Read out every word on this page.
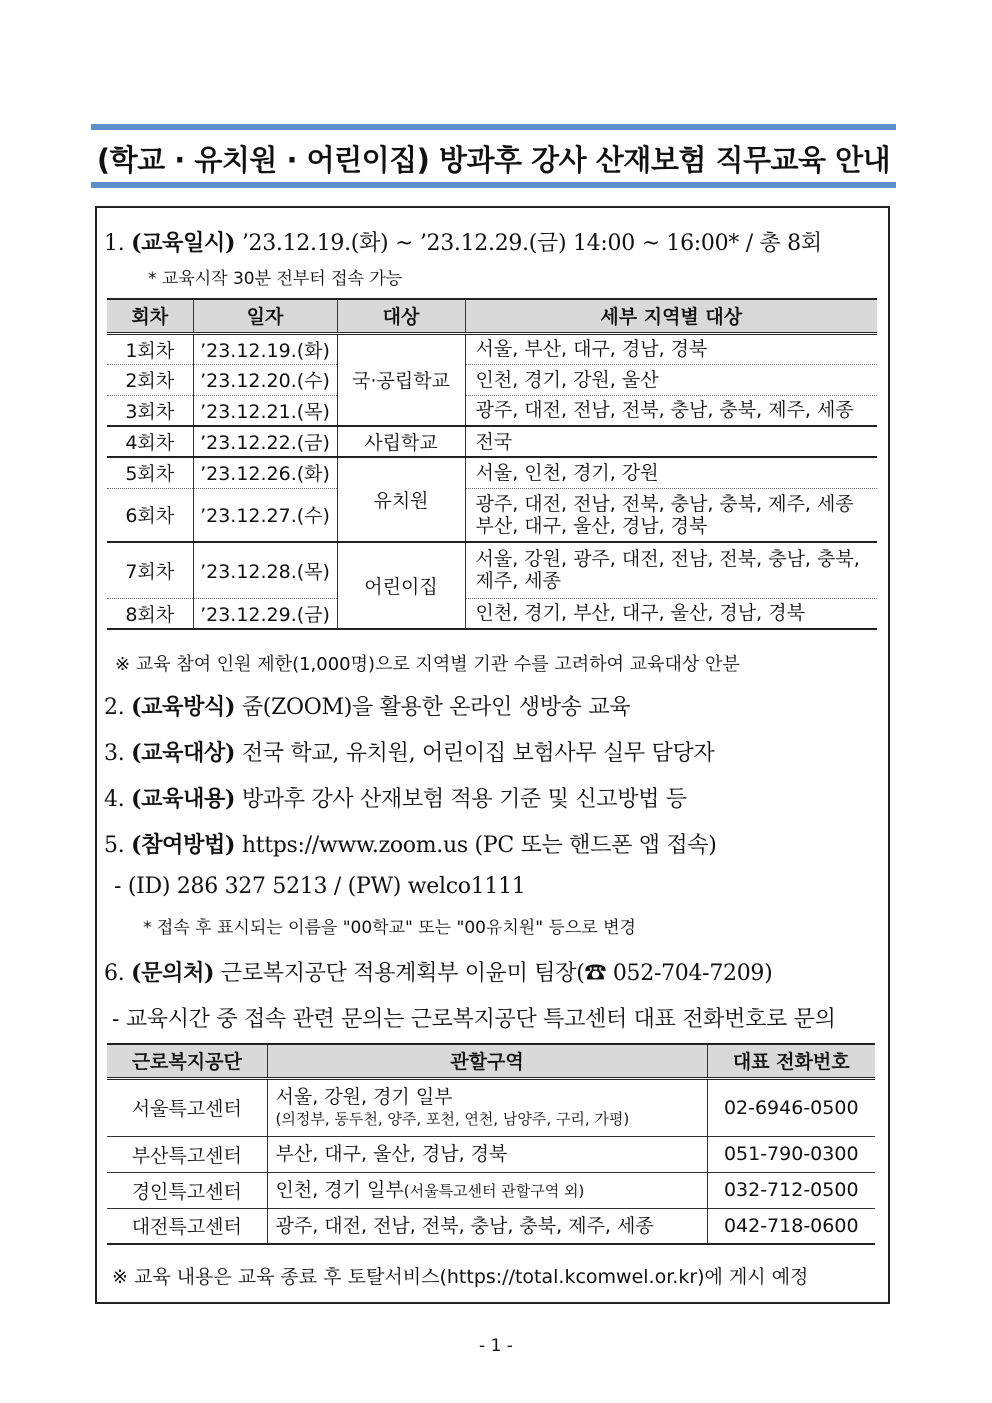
(학교 · 유치원 · 어린이집) 방과후 강사 산재보험 직무교육 안내
1. (교육일시) ’23.12.19.(화) ~ ’23.12.29.(금) 14:00 ~ 16:00* / 총 8회
* 교육시작 30분 전부터 접속 가능
회차	일자	대상	세부 지역별 대상
1회차	’23.12.19.(화)	국·공립학교	서울, 부산, 대구, 경남, 경북
2회차	’23.12.20.(수)		인천, 경기, 강원, 울산
3회차	’23.12.21.(목)		광주, 대전, 전남, 전북, 충남, 충북, 제주, 세종
4회차	’23.12.22.(금)	사립학교	전국
5회차	’23.12.26.(화)	유치원	서울, 인천, 경기, 강원
6회차	’23.12.27.(수)		광주, 대전, 전남, 전북, 충남, 충북, 제주, 세종
부산, 대구, 울산, 경남, 경북

7회차	’23.12.28.(목)	어린이집	서울, 강원, 광주, 대전, 전남, 전북, 충남, 충북,
제주, 세종

8회차	’23.12.29.(금)		인천, 경기, 부산, 대구, 울산, 경남, 경북
※ 교육 참여 인원 제한(1,000명)으로 지역별 기관 수를 고려하여 교육대상 안분
2. (교육방식) 줌(ZOOM)을 활용한 온라인 생방송 교육
3. (교육대상) 전국 학교, 유치원, 어린이집 보험사무 실무 담당자
4. (교육내용) 방과후 강사 산재보험 적용 기준 및 신고방법 등
5. (참여방법) https://www.zoom.us (PC 또는 핸드폰 앱 접속)
- (ID) 286 327 5213 / (PW) welco1111
* 접속 후 표시되는 이름을 "00학교" 또는 "00유치원" 등으로 변경
6. (문의처) 근로복지공단 적용계획부 이윤미 팀장(☎ 052-704-7209)
- 교육시간 중 접속 관련 문의는 근로복지공단 특고센터 대표 전화번호로 문의
근로복지공단	관할구역	대표 전화번호
서울특고센터	서울, 강원, 경기 일부
(의정부, 동두천, 양주, 포천, 연천, 남양주, 구리, 가평)	02-6946-0500
부산특고센터	부산, 대구, 울산, 경남, 경북	051-790-0300
경인특고센터	인천, 경기 일부(서울특고센터 관할구역 외)	032-712-0500
대전특고센터	광주, 대전, 전남, 전북, 충남, 충북, 제주, 세종	042-718-0600
※ 교육 내용은 교육 종료 후 토탈서비스(https://total.kcomwel.or.kr)에 게시 예정
- 1 -
